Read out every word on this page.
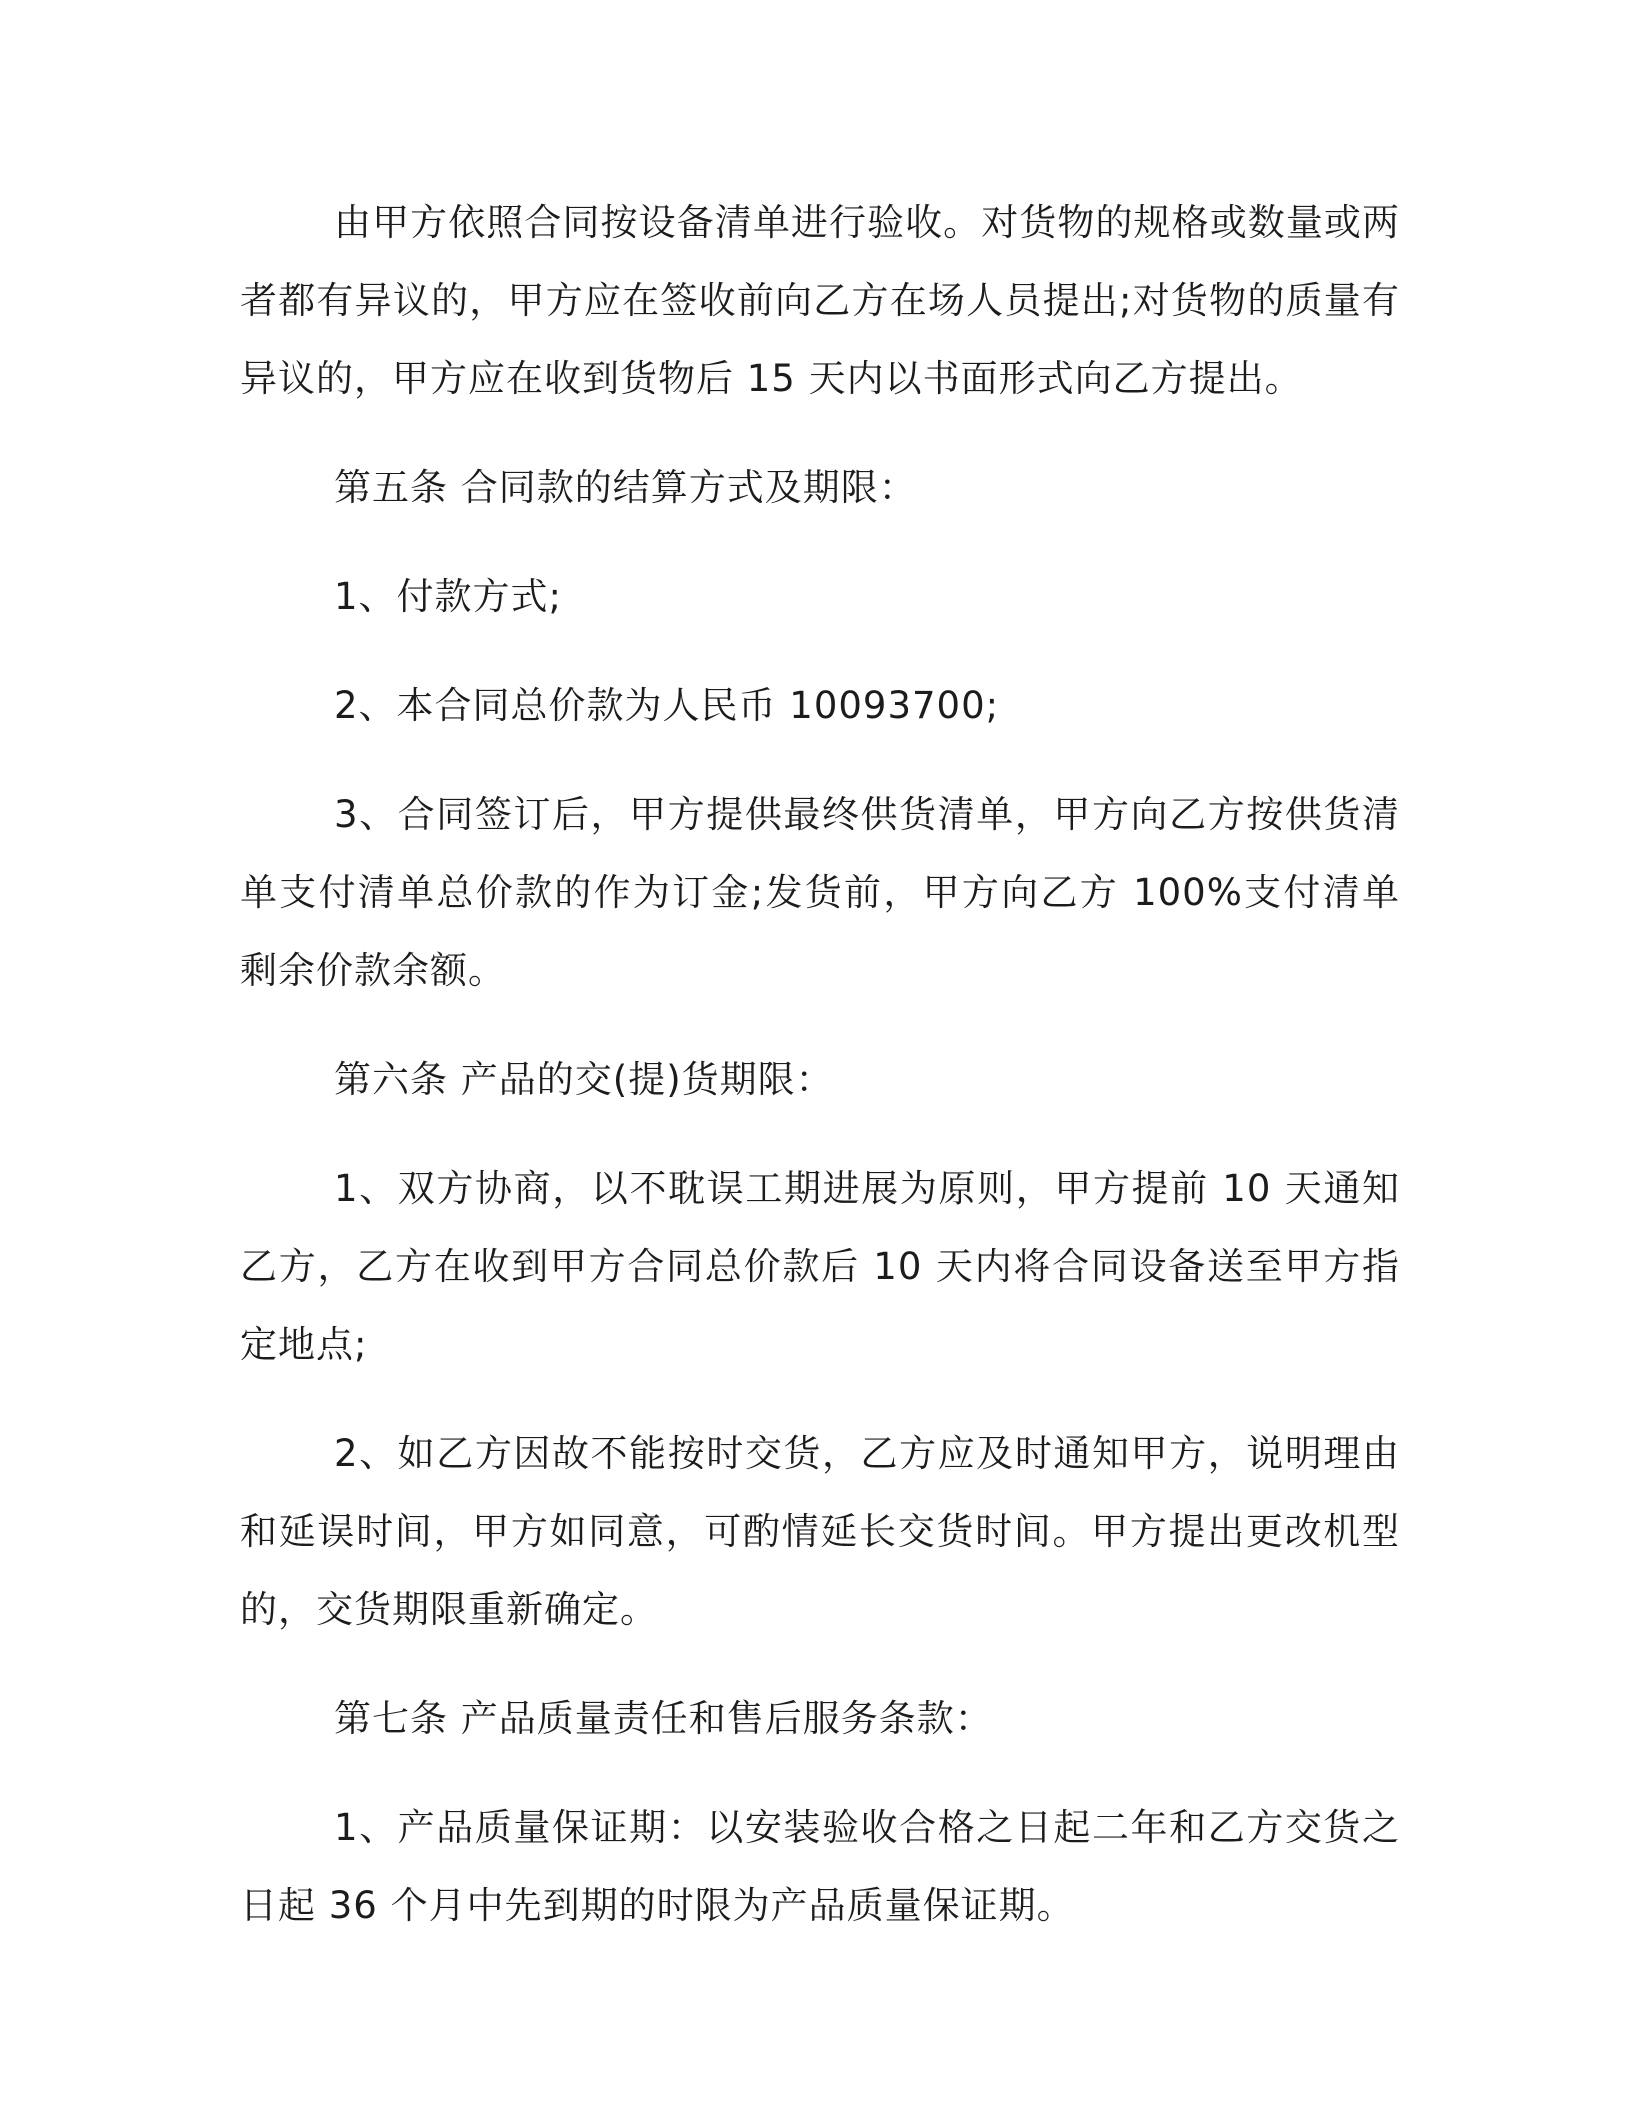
由甲方依照合同按设备清单进行验收。对货物的规格或数量或两者都有异议的，甲方应在签收前向乙方在场人员提出;对货物的质量有异议的，甲方应在收到货物后 15 天内以书面形式向乙方提出。

第五条 合同款的结算方式及期限：

1、付款方式;

2、本合同总价款为人民币 10093700;

3、合同签订后，甲方提供最终供货清单，甲方向乙方按供货清单支付清单总价款的作为订金;发货前，甲方向乙方 100%支付清单剩余价款余额。

第六条 产品的交(提)货期限：

1、双方协商，以不耽误工期进展为原则，甲方提前 10 天通知乙方，乙方在收到甲方合同总价款后 10 天内将合同设备送至甲方指定地点;

2、如乙方因故不能按时交货，乙方应及时通知甲方，说明理由和延误时间，甲方如同意，可酌情延长交货时间。甲方提出更改机型的，交货期限重新确定。

第七条 产品质量责任和售后服务条款：

1、产品质量保证期：以安装验收合格之日起二年和乙方交货之日起 36 个月中先到期的时限为产品质量保证期。
